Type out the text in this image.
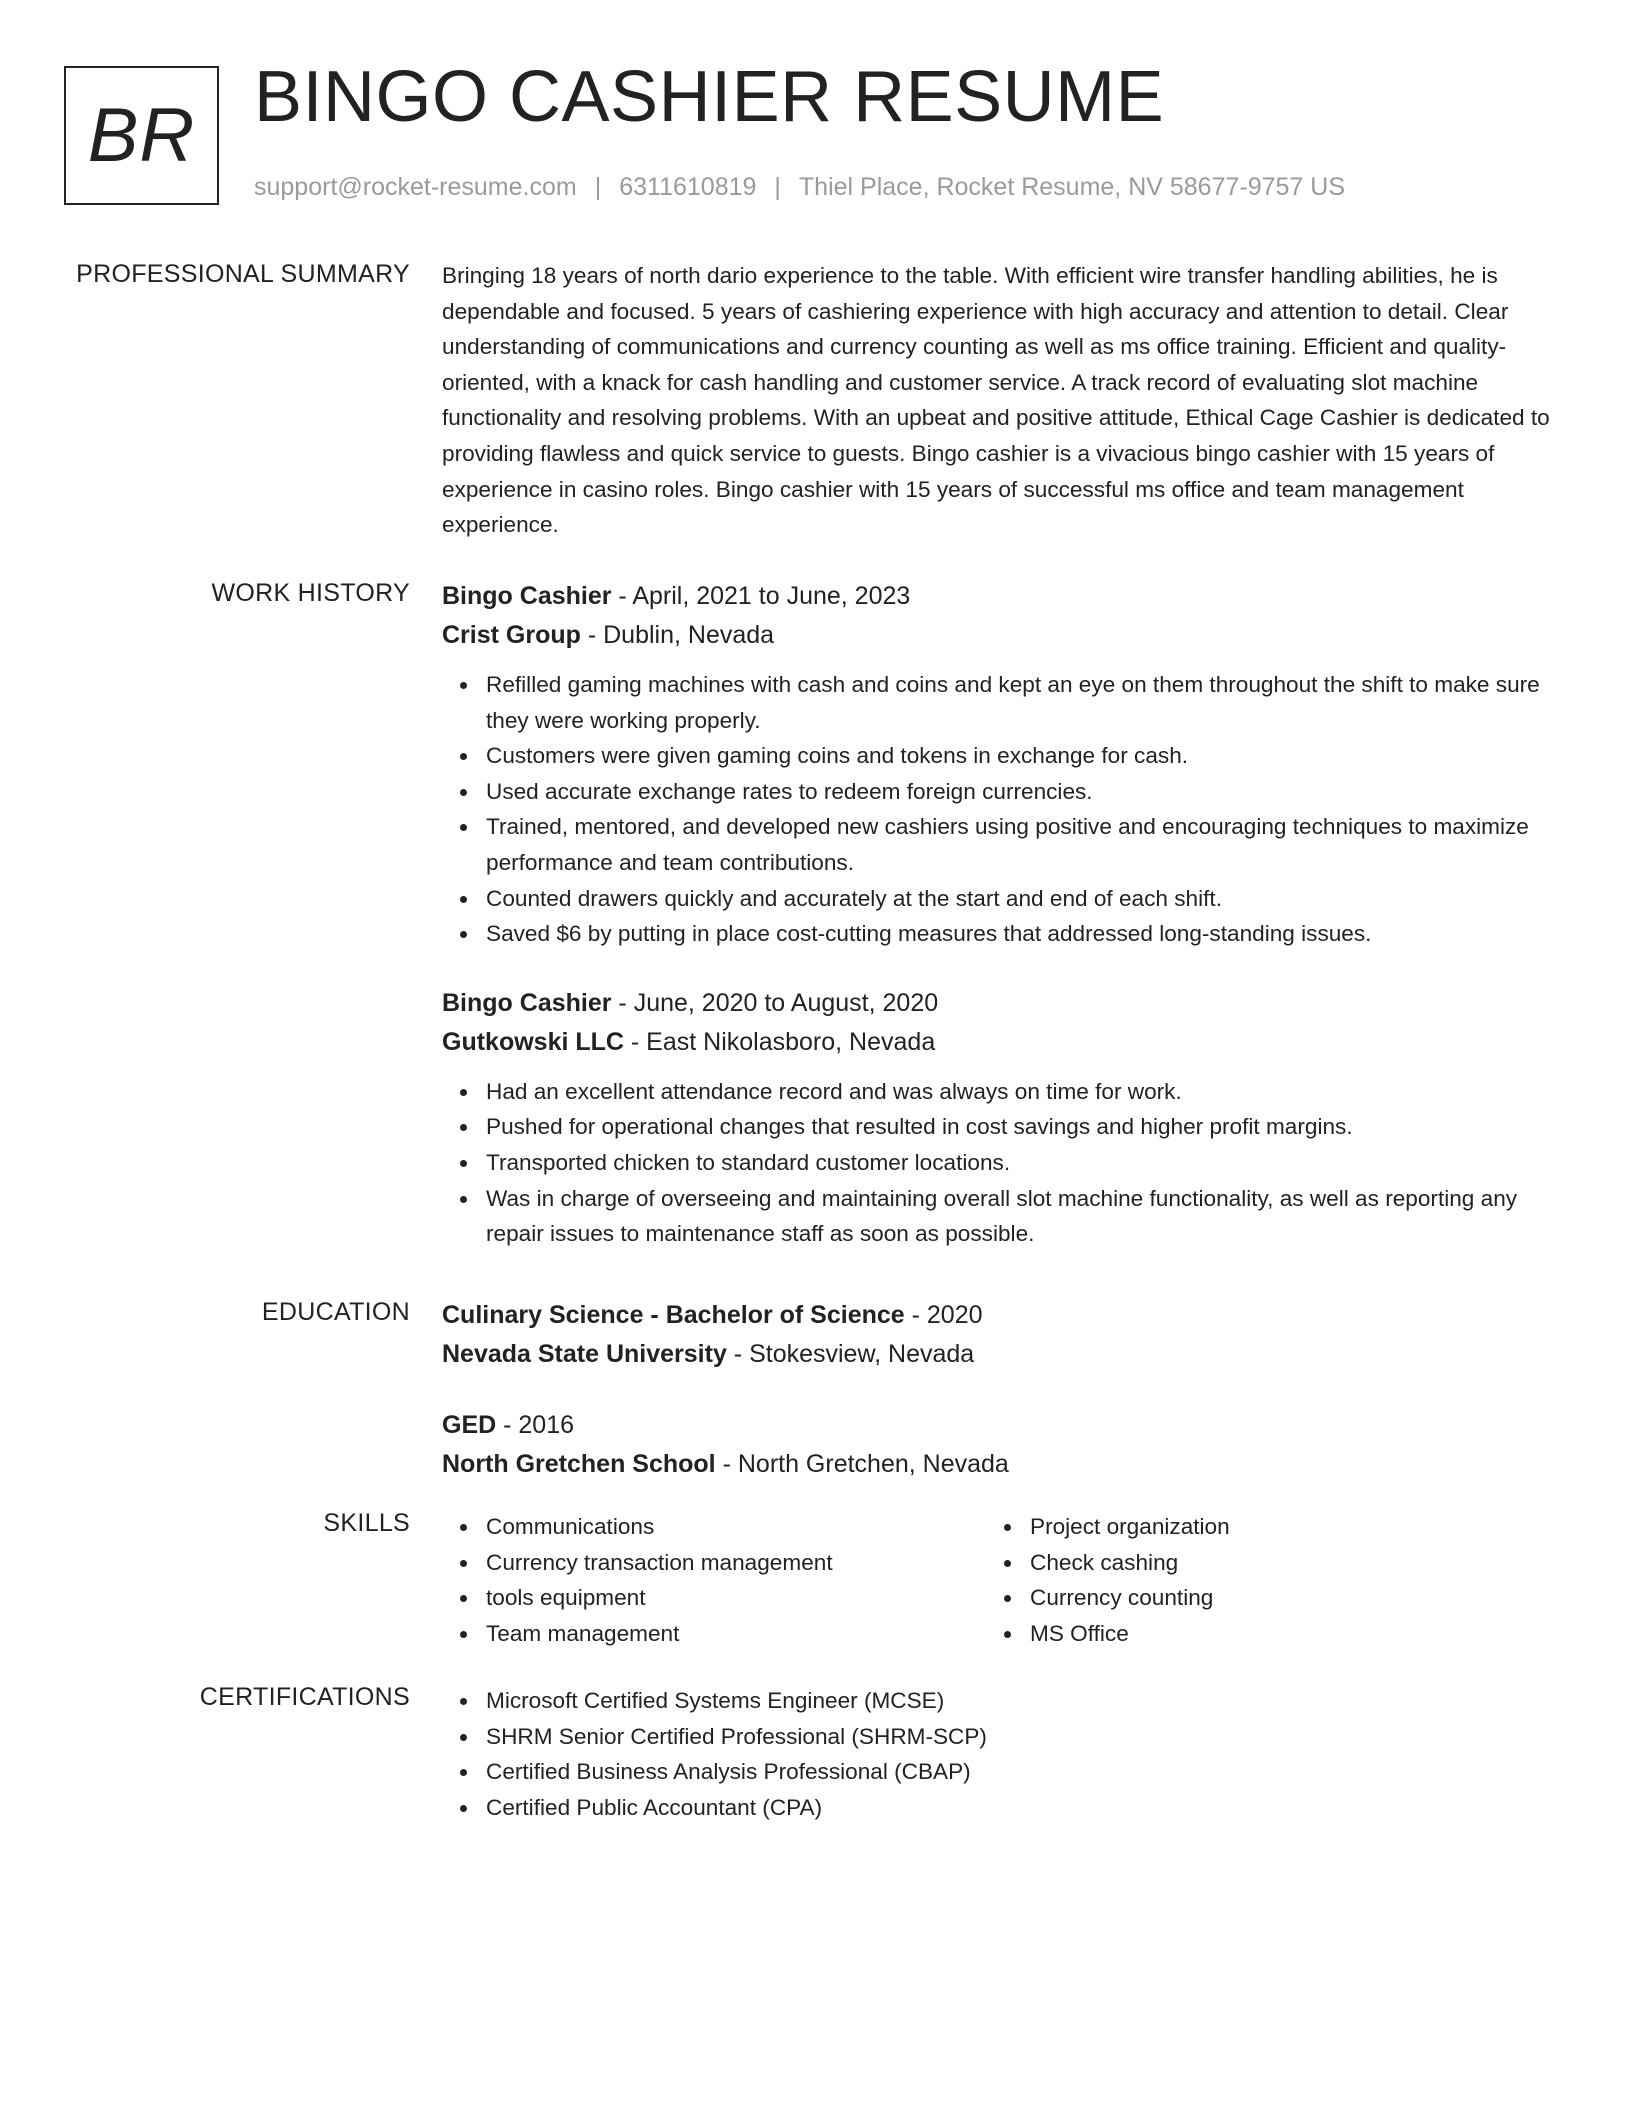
BR BINGO CASHIER RESUME
support@rocket-resume.com | 6311610819 | Thiel Place, Rocket Resume, NV 58677-9757 US
PROFESSIONAL SUMMARY Bringing 18 years of north dario experience to the table. With efficient wire transfer handling abilities, he is dependable and focused. 5 years of cashiering experience with high accuracy and attention to detail. Clear understanding of communications and currency counting as well as ms office training. Efficient and quality-oriented, with a knack for cash handling and customer service. A track record of evaluating slot machine functionality and resolving problems. With an upbeat and positive attitude, Ethical Cage Cashier is dedicated to providing flawless and quick service to guests. Bingo cashier is a vivacious bingo cashier with 15 years of experience in casino roles. Bingo cashier with 15 years of successful ms office and team management experience.
WORK HISTORY Bingo Cashier - April, 2021 to June, 2023
Crist Group - Dublin, Nevada
Refilled gaming machines with cash and coins and kept an eye on them throughout the shift to make sure they were working properly.
Customers were given gaming coins and tokens in exchange for cash.
Used accurate exchange rates to redeem foreign currencies.
Trained, mentored, and developed new cashiers using positive and encouraging techniques to maximize performance and team contributions.
Counted drawers quickly and accurately at the start and end of each shift.
Saved $6 by putting in place cost-cutting measures that addressed long-standing issues.
Bingo Cashier - June, 2020 to August, 2020
Gutkowski LLC - East Nikolasboro, Nevada
Had an excellent attendance record and was always on time for work.
Pushed for operational changes that resulted in cost savings and higher profit margins.
Transported chicken to standard customer locations.
Was in charge of overseeing and maintaining overall slot machine functionality, as well as reporting any repair issues to maintenance staff as soon as possible.
EDUCATION Culinary Science - Bachelor of Science - 2020
Nevada State University - Stokesview, Nevada
GED - 2016
North Gretchen School - North Gretchen, Nevada
SKILLS	Communications
Currency transaction management
tools equipment
Team management
Project organization
Check cashing
Currency counting
MS Office
CERTIFICATIONS	Microsoft Certified Systems Engineer (MCSE)
SHRM Senior Certified Professional (SHRM-SCP)
Certified Business Analysis Professional (CBAP)
Certified Public Accountant (CPA)
